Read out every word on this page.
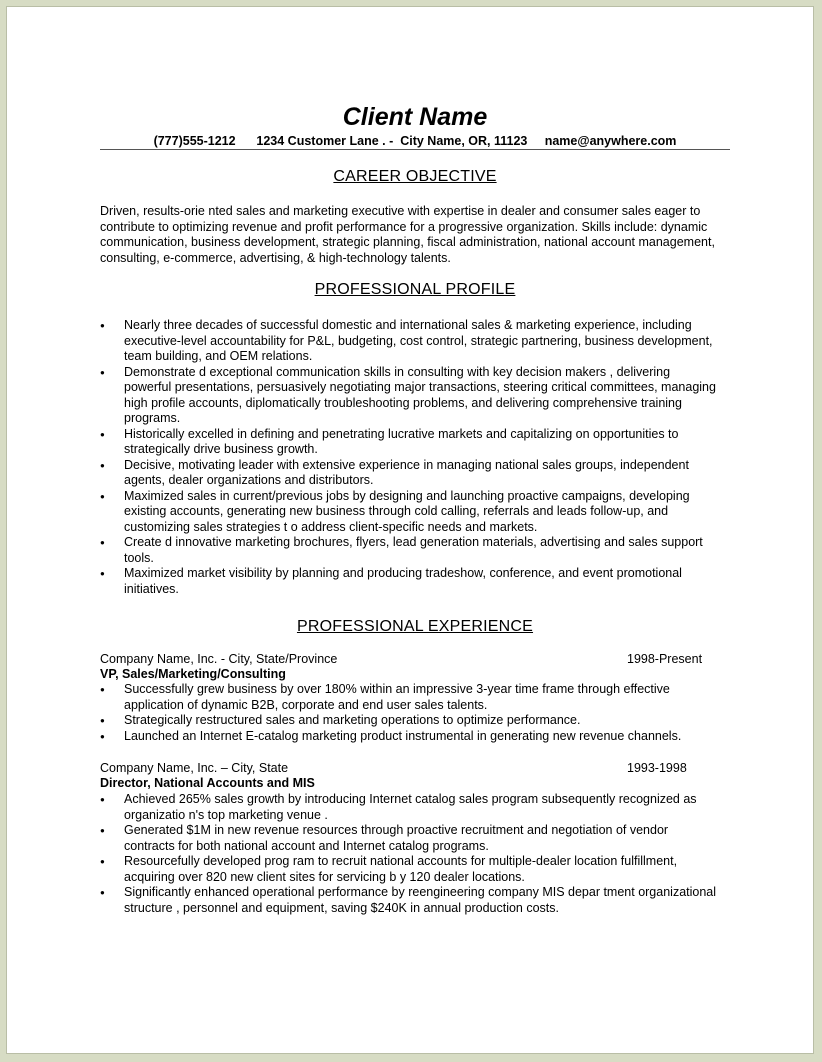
Client Name
(777)555-1212      1234 Customer Lane . -  City Name, OR, 11123     name@anywhere.com
CAREER OBJECTIVE

Driven, results-orie nted sales and marketing executive with expertise in dealer and consumer sales eager to contribute to optimizing revenue and profit performance for a progressive organization. Skills include: dynamic communication, business development, strategic planning, fiscal administration, national account management, consulting, e-commerce, advertising, & high-technology talents.

PROFESSIONAL PROFILE
● Nearly three decades of successful domestic and international sales & marketing experience, including executive-level accountability for P&L, budgeting, cost control, strategic partnering, business development, team building, and OEM relations.
● Demonstrate d exceptional communication skills in consulting with key decision makers , delivering powerful presentations, persuasively negotiating major transactions, steering critical committees, managing high profile accounts, diplomatically troubleshooting problems, and delivering comprehensive training programs.
● Historically excelled in defining and penetrating lucrative markets and capitalizing on opportunities to strategically drive business growth.
● Decisive, motivating leader with extensive experience in managing national sales groups, independent agents, dealer organizations and distributors.
● Maximized sales in current/previous jobs by designing and launching proactive campaigns, developing existing accounts, generating new business through cold calling, referrals and leads follow-up, and customizing sales strategies t o address client-specific needs and markets.
● Create d innovative marketing brochures, flyers, lead generation materials, advertising and sales support tools.
● Maximized market visibility by planning and producing tradeshow, conference, and event promotional initiatives.
PROFESSIONAL EXPERIENCE
Company Name, Inc. - City, State/Province	1998-Present
VP, Sales/Marketing/Consulting
● Successfully grew business by over 180% within an impressive 3-year time frame through effective application of dynamic B2B, corporate and end user sales talents.
● Strategically restructured sales and marketing operations to optimize performance.
● Launched an Internet E-catalog marketing product instrumental in generating new revenue channels.
Company Name, Inc. – City, State	1993-1998
Director, National Accounts and MIS
● Achieved 265% sales growth by introducing Internet catalog sales program subsequently recognized as organizatio n's top marketing venue .
● Generated $1M in new revenue resources through proactive recruitment and negotiation of vendor contracts for both national account and Internet catalog programs.
● Resourcefully developed prog ram to recruit national accounts for multiple-dealer location fulfillment, acquiring over 820 new client sites for servicing b y 120 dealer locations.
● Significantly enhanced operational performance by reengineering company MIS depar tment organizational structure , personnel and equipment, saving $240K in annual production costs.
